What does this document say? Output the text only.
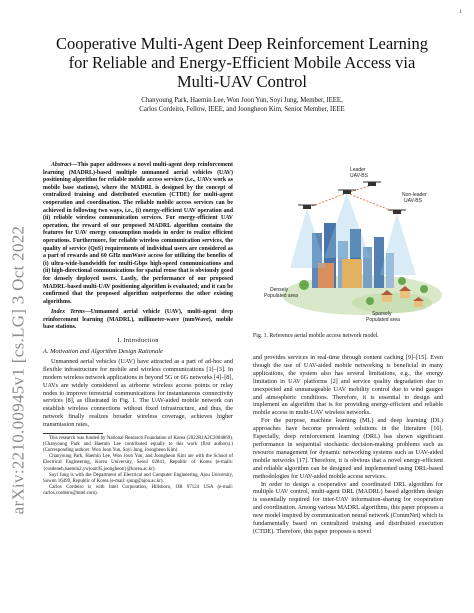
1
arXiv:2210.00945v1 [cs.LG] 3 Oct 2022
Cooperative Multi-Agent Deep Reinforcement Learning for Reliable and Energy-Efficient Mobile Access via Multi-UAV Control
Chanyoung Park, Haemin Lee, Won Joon Yun, Soyi Jung, Member, IEEE,
Carlos Cordeiro, Fellow, IEEE, and Joongheon Kim, Senior Member, IEEE

Abstract—This paper addresses a novel multi-agent deep reinforcement learning (MADRL)-based multiple unmanned aerial vehicles (UAV) positioning algorithm for reliable mobile access services (i.e., UAVs work as mobile base stations), where the MADRL is designed by the concept of centralized training and distributed execution (CTDE) for multi-agent cooperation and coordination. The reliable mobile access services can be achieved in following two ways, i.e., (i) energy-efficient UAV operation and (ii) reliable wireless communication services. For energy-efficient UAV operation, the reward of our proposed MADRL algorithm contains the features for UAV energy consumption models in order to realize efficient operations. Furthermore, for reliable wireless communication services, the quality of service (QoS) requirements of individual users are considered as a part of rewards and 60 GHz mmWave access for utilizing the benefits of (i) ultra-wide-bandwidth for multi-Gbps high-speed communications and (ii) high-directional communications for spatial reuse that is obviously good for densely deployed users. Lastly, the performance of our proposed MADRL-based multi-UAV positioning algorithm is evaluated; and it can be confirmed that the proposed algorithm outperforms the other existing algorithms.

Index Terms—Unmanned aerial vehicle (UAV), multi-agent deep reinforcement learning (MADRL), millimeter-wave (mmWave), mobile base stations.

I. Introduction
A. Motivation and Algorithm Design Rationale

Unmanned aerial vehicles (UAV) have attracted as a part of ad-hoc and flexible infrastructure for mobile and wireless communications [1]–[3]. In modern wireless network applications in beyond 5G or 6G networks [4]–[8], UAVs are widely considered as airborne wireless access points or relay nodes to improve terrestrial communications for instantaneous connectivity services [8], as illustrated in Fig. 1. The UAV-aided mobile network can establish wireless connections without fixed infrastructure, and thus, the network finally realizes broader wireless coverage, achieves higher transmission rates,

This research was funded by National Research Foundation of Korea (2022R1A2C2004869). (Chanyoung Park and Haemin Lee contributed equally to this work (first authors).) (Corresponding authors: Won Joon Yun, Soyi Jung, Joongheon Kim)

Chanyoung Park, Haemin Lee, Won Joon Yun, and Joongheon Kim are with the School of Electrical Engineering, Korea University, Seoul 02841, Republic of Korea (e-mails: {cosdeneb,haemin2,ywjoon95,joongheon}@korea.ac.kr).

Soyi Jung is with the Department of Electrical and Computer Engineering, Ajou University, Suwon 16499, Republic of Korea (e-mail: sjung@ajou.ac.kr).

Carlos Cordeiro is with Intel Corporation, Hillsboro, OR 97124 USA (e-mail: carlos.cordeiro@intel.com).

Leader
UAV-BS
Non-leader
UAV-BS
Densely
Populated area
Sparsely
Populated area
Fig. 1. Reference aerial mobile access network model.

and provides services in real-time through content caching [9]–[15]. Even though the use of UAV-aided mobile networking is beneficial in many applications, the system also has several limitations, e.g., the energy limitation in UAV platforms [2] and service quality degradation due to unexpected and unmanageable UAV mobility control due to wind gauges and atmospheric conditions. Therefore, it is essential to design and implement an algorithm that is for providing energy-efficient and reliable mobile access in multi-UAV wireless networks.

For the purpose, machine learning (ML) and deep learning (DL) approaches have become prevalent solutions in the literature [16]. Especially, deep reinforcement learning (DRL) has shown significant performance in sequential stochastic decision-making problems such as resource management for dynamic networking systems such as UAV-aided mobile networks [17]. Therefore, it is obvious that a novel energy-efficient and reliable algorithm can be designed and implemented using DRL-based methodologies for UAV-aided mobile access services.

In order to design a cooperative and coordinated DRL algorithm for multiple UAV control, multi-agent DRL (MADRL) based algorithm design is essentially required for inter-UAV information-sharing for cooperation and coordination. Among various MADRL algorithms, this paper proposes a new model inspired by communication neural network (CommNet) which is fundamentally based on centralized training and distributed execution (CTDE). Therefore, this paper proposes a novel
